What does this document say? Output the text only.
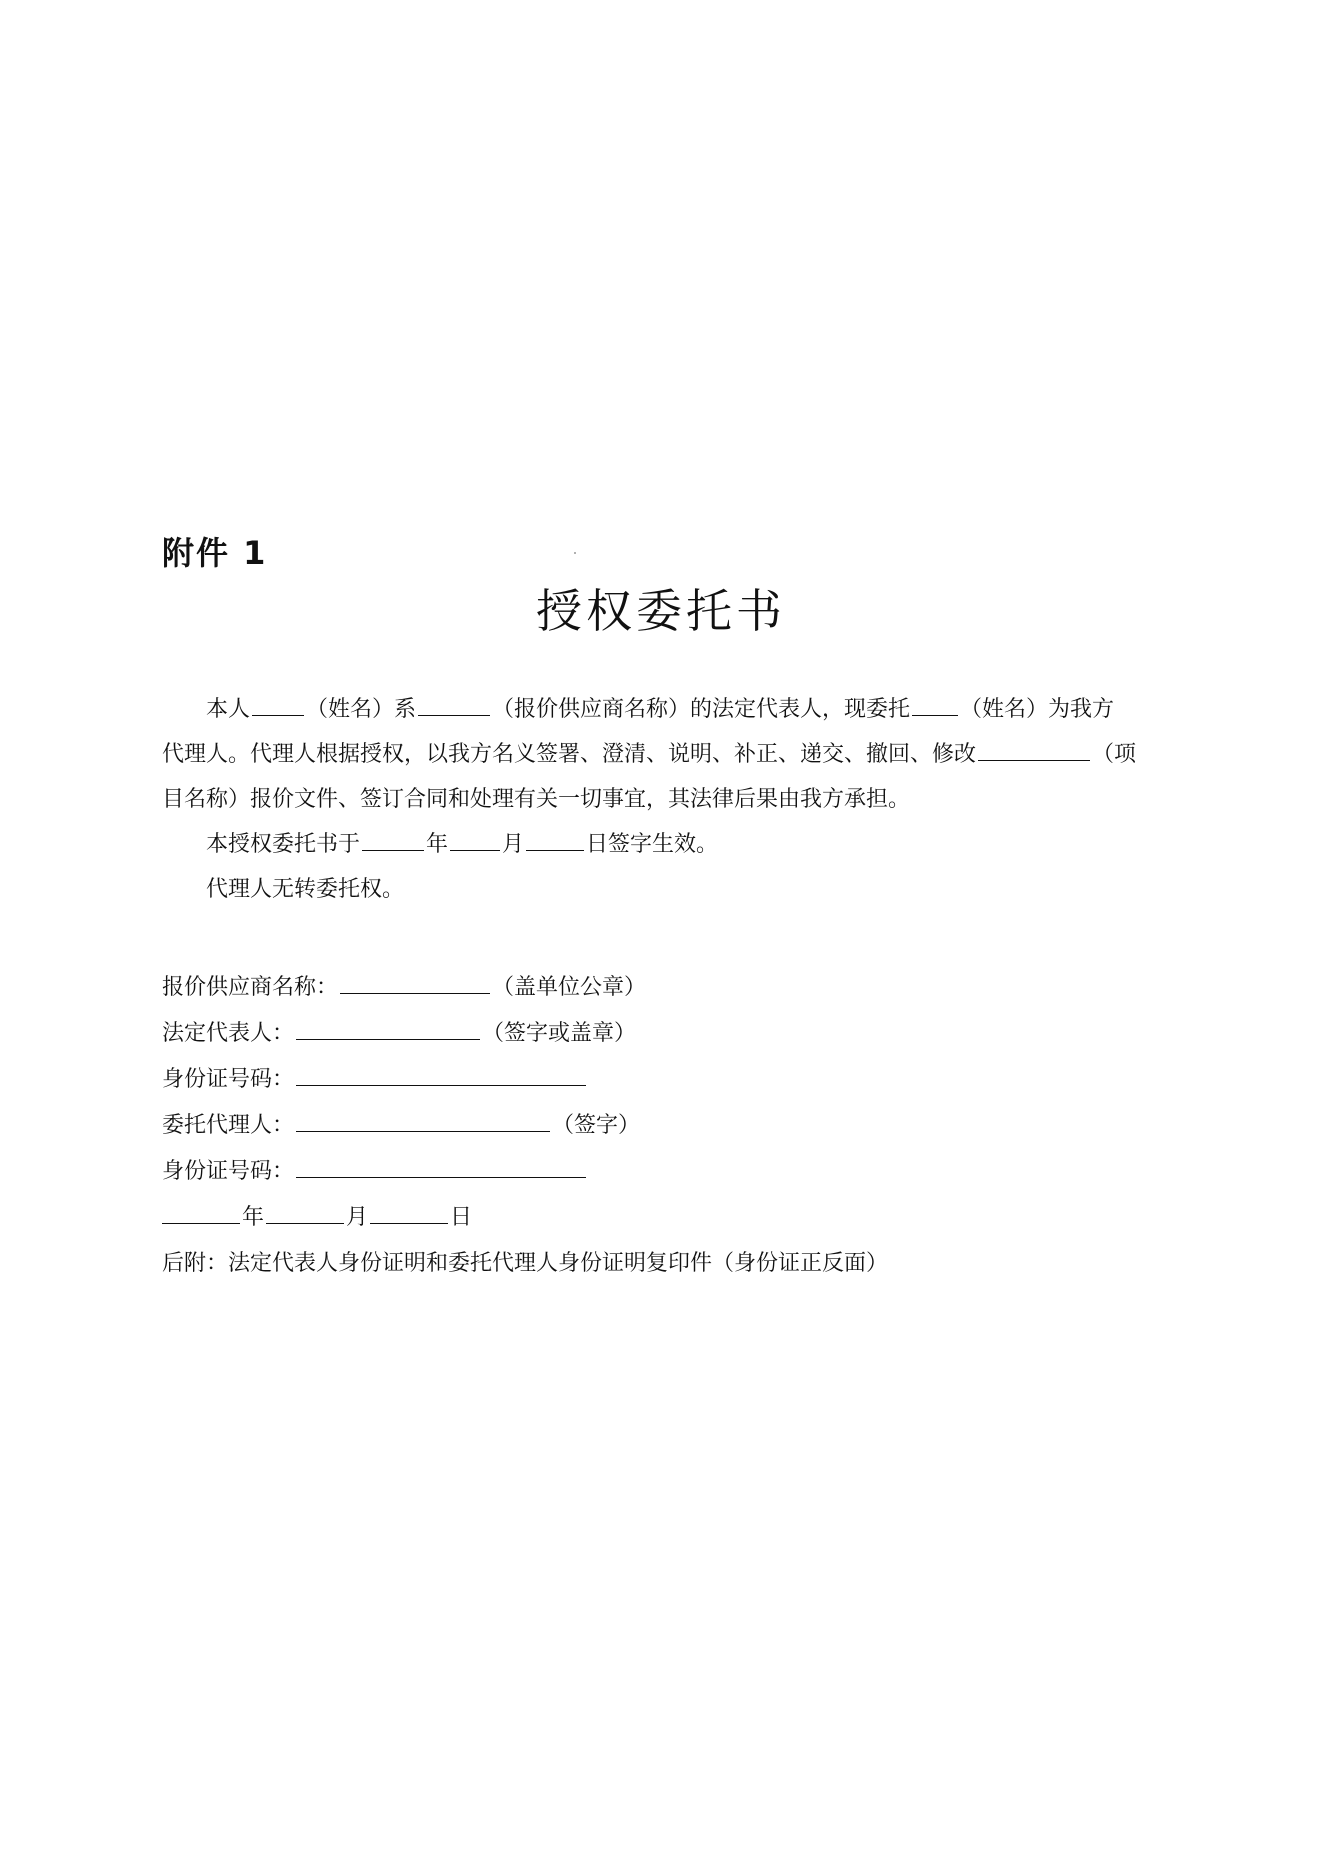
附件 1
授权委托书
本人	（姓名）系	（报价供应商名称）的法定代表人，现委托 （姓名）为我方
代理人。代理人根据授权，以我方名义签署、澄清、说明、补正、递交、撤回、修改	（项
目名称）报价文件、签订合同和处理有关一切事宜，其法律后果由我方承担。
本授权委托书于	年 月	日签字生效。
代理人无转委托权。
报价供应商名称：	（盖单位公章）
法定代表人：	（签字或盖章）
身份证号码：
委托代理人：	（签字）
身份证号码：
年	月	日
后附：法定代表人身份证明和委托代理人身份证明复印件（身份证正反面）
